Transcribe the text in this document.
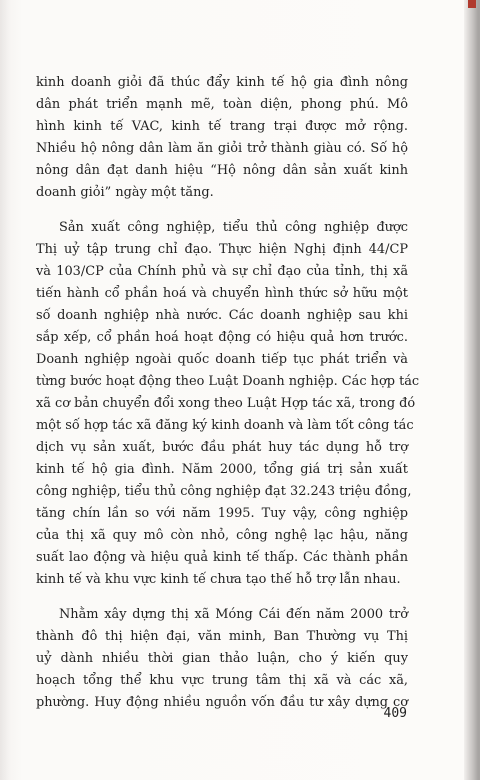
kinh doanh giỏi đã thúc đẩy kinh tế hộ gia đình nông
dân phát triển mạnh mẽ, toàn diện, phong phú. Mô
hình kinh tế VAC, kinh tế trang trại được mở rộng.
Nhiều hộ nông dân làm ăn giỏi trở thành giàu có. Số hộ
nông dân đạt danh hiệu “Hộ nông dân sản xuất kinh
doanh giỏi” ngày một tăng.

Sản xuất công nghiệp, tiểu thủ công nghiệp được
Thị uỷ tập trung chỉ đạo. Thực hiện Nghị định 44/CP
và 103/CP của Chính phủ và sự chỉ đạo của tỉnh, thị xã
tiến hành cổ phần hoá và chuyển hình thức sở hữu một
số doanh nghiệp nhà nước. Các doanh nghiệp sau khi
sắp xếp, cổ phần hoá hoạt động có hiệu quả hơn trước.
Doanh nghiệp ngoài quốc doanh tiếp tục phát triển và
từng bước hoạt động theo Luật Doanh nghiệp. Các hợp tác
xã cơ bản chuyển đổi xong theo Luật Hợp tác xã, trong đó
một số hợp tác xã đăng ký kinh doanh và làm tốt công tác
dịch vụ sản xuất, bước đầu phát huy tác dụng hỗ trợ
kinh tế hộ gia đình. Năm 2000, tổng giá trị sản xuất
công nghiệp, tiểu thủ công nghiệp đạt 32.243 triệu đồng,
tăng chín lần so với năm 1995. Tuy vậy, công nghiệp
của thị xã quy mô còn nhỏ, công nghệ lạc hậu, năng
suất lao động và hiệu quả kinh tế thấp. Các thành phần
kinh tế và khu vực kinh tế chưa tạo thế hỗ trợ lẫn nhau.

Nhằm xây dựng thị xã Móng Cái đến năm 2000 trở
thành đô thị hiện đại, văn minh, Ban Thường vụ Thị
uỷ dành nhiều thời gian thảo luận, cho ý kiến quy
hoạch tổng thể khu vực trung tâm thị xã và các xã,
phường. Huy động nhiều nguồn vốn đầu tư xây dựng cơ

409
